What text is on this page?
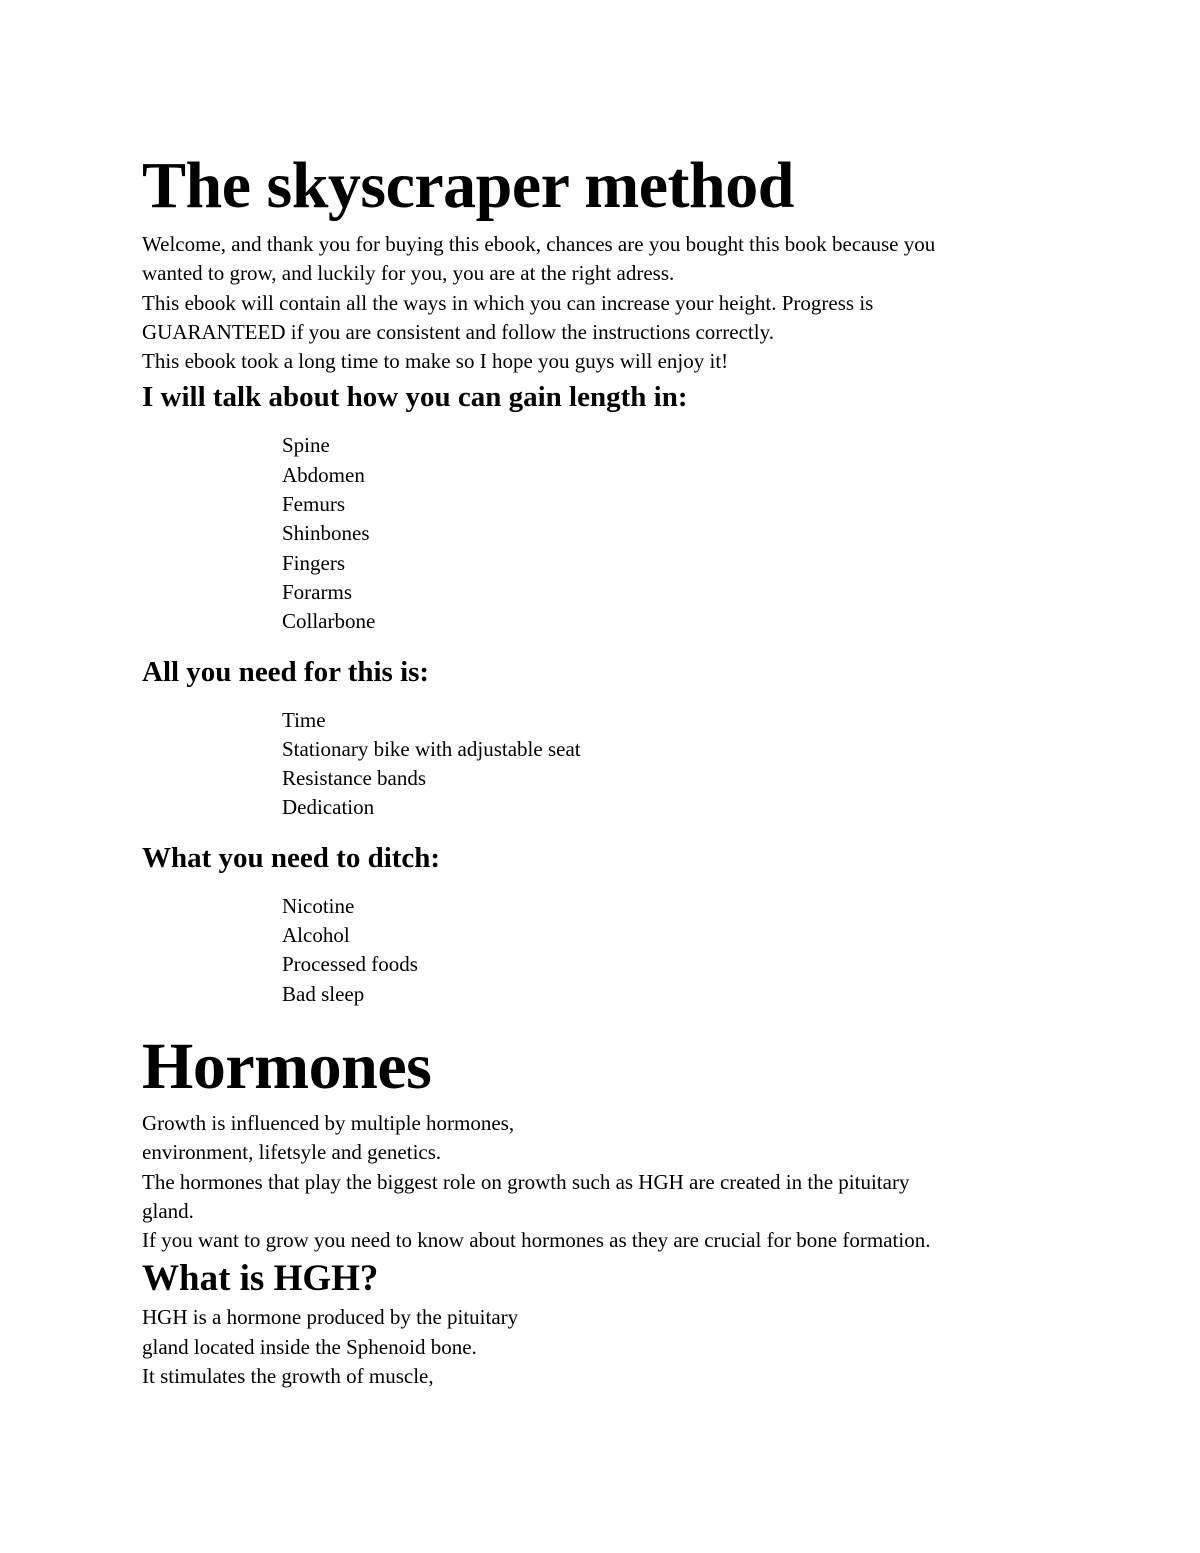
The skyscraper method

Welcome, and thank you for buying this ebook, chances are you bought this book because you

wanted to grow, and luckily for you, you are at the right adress.

This ebook will contain all the ways in which you can increase your height. Progress is

GUARANTEED if you are consistent and follow the instructions correctly.

This ebook took a long time to make so I hope you guys will enjoy it!

I will talk about how you can gain length in:
Spine
Abdomen
Femurs
Shinbones
Fingers
Forarms
Collarbone
All you need for this is:
Time
Stationary bike with adjustable seat
Resistance bands
Dedication
What you need to ditch:
Nicotine
Alcohol
Processed foods
Bad sleep
Hormones

Growth is influenced by multiple hormones,

environment, lifetsyle and genetics.

The hormones that play the biggest role on growth such as HGH are created in the pituitary

gland.

If you want to grow you need to know about hormones as they are crucial for bone formation.

What is HGH?

HGH is a hormone produced by the pituitary

gland located inside the Sphenoid bone.

It stimulates the growth of muscle,
